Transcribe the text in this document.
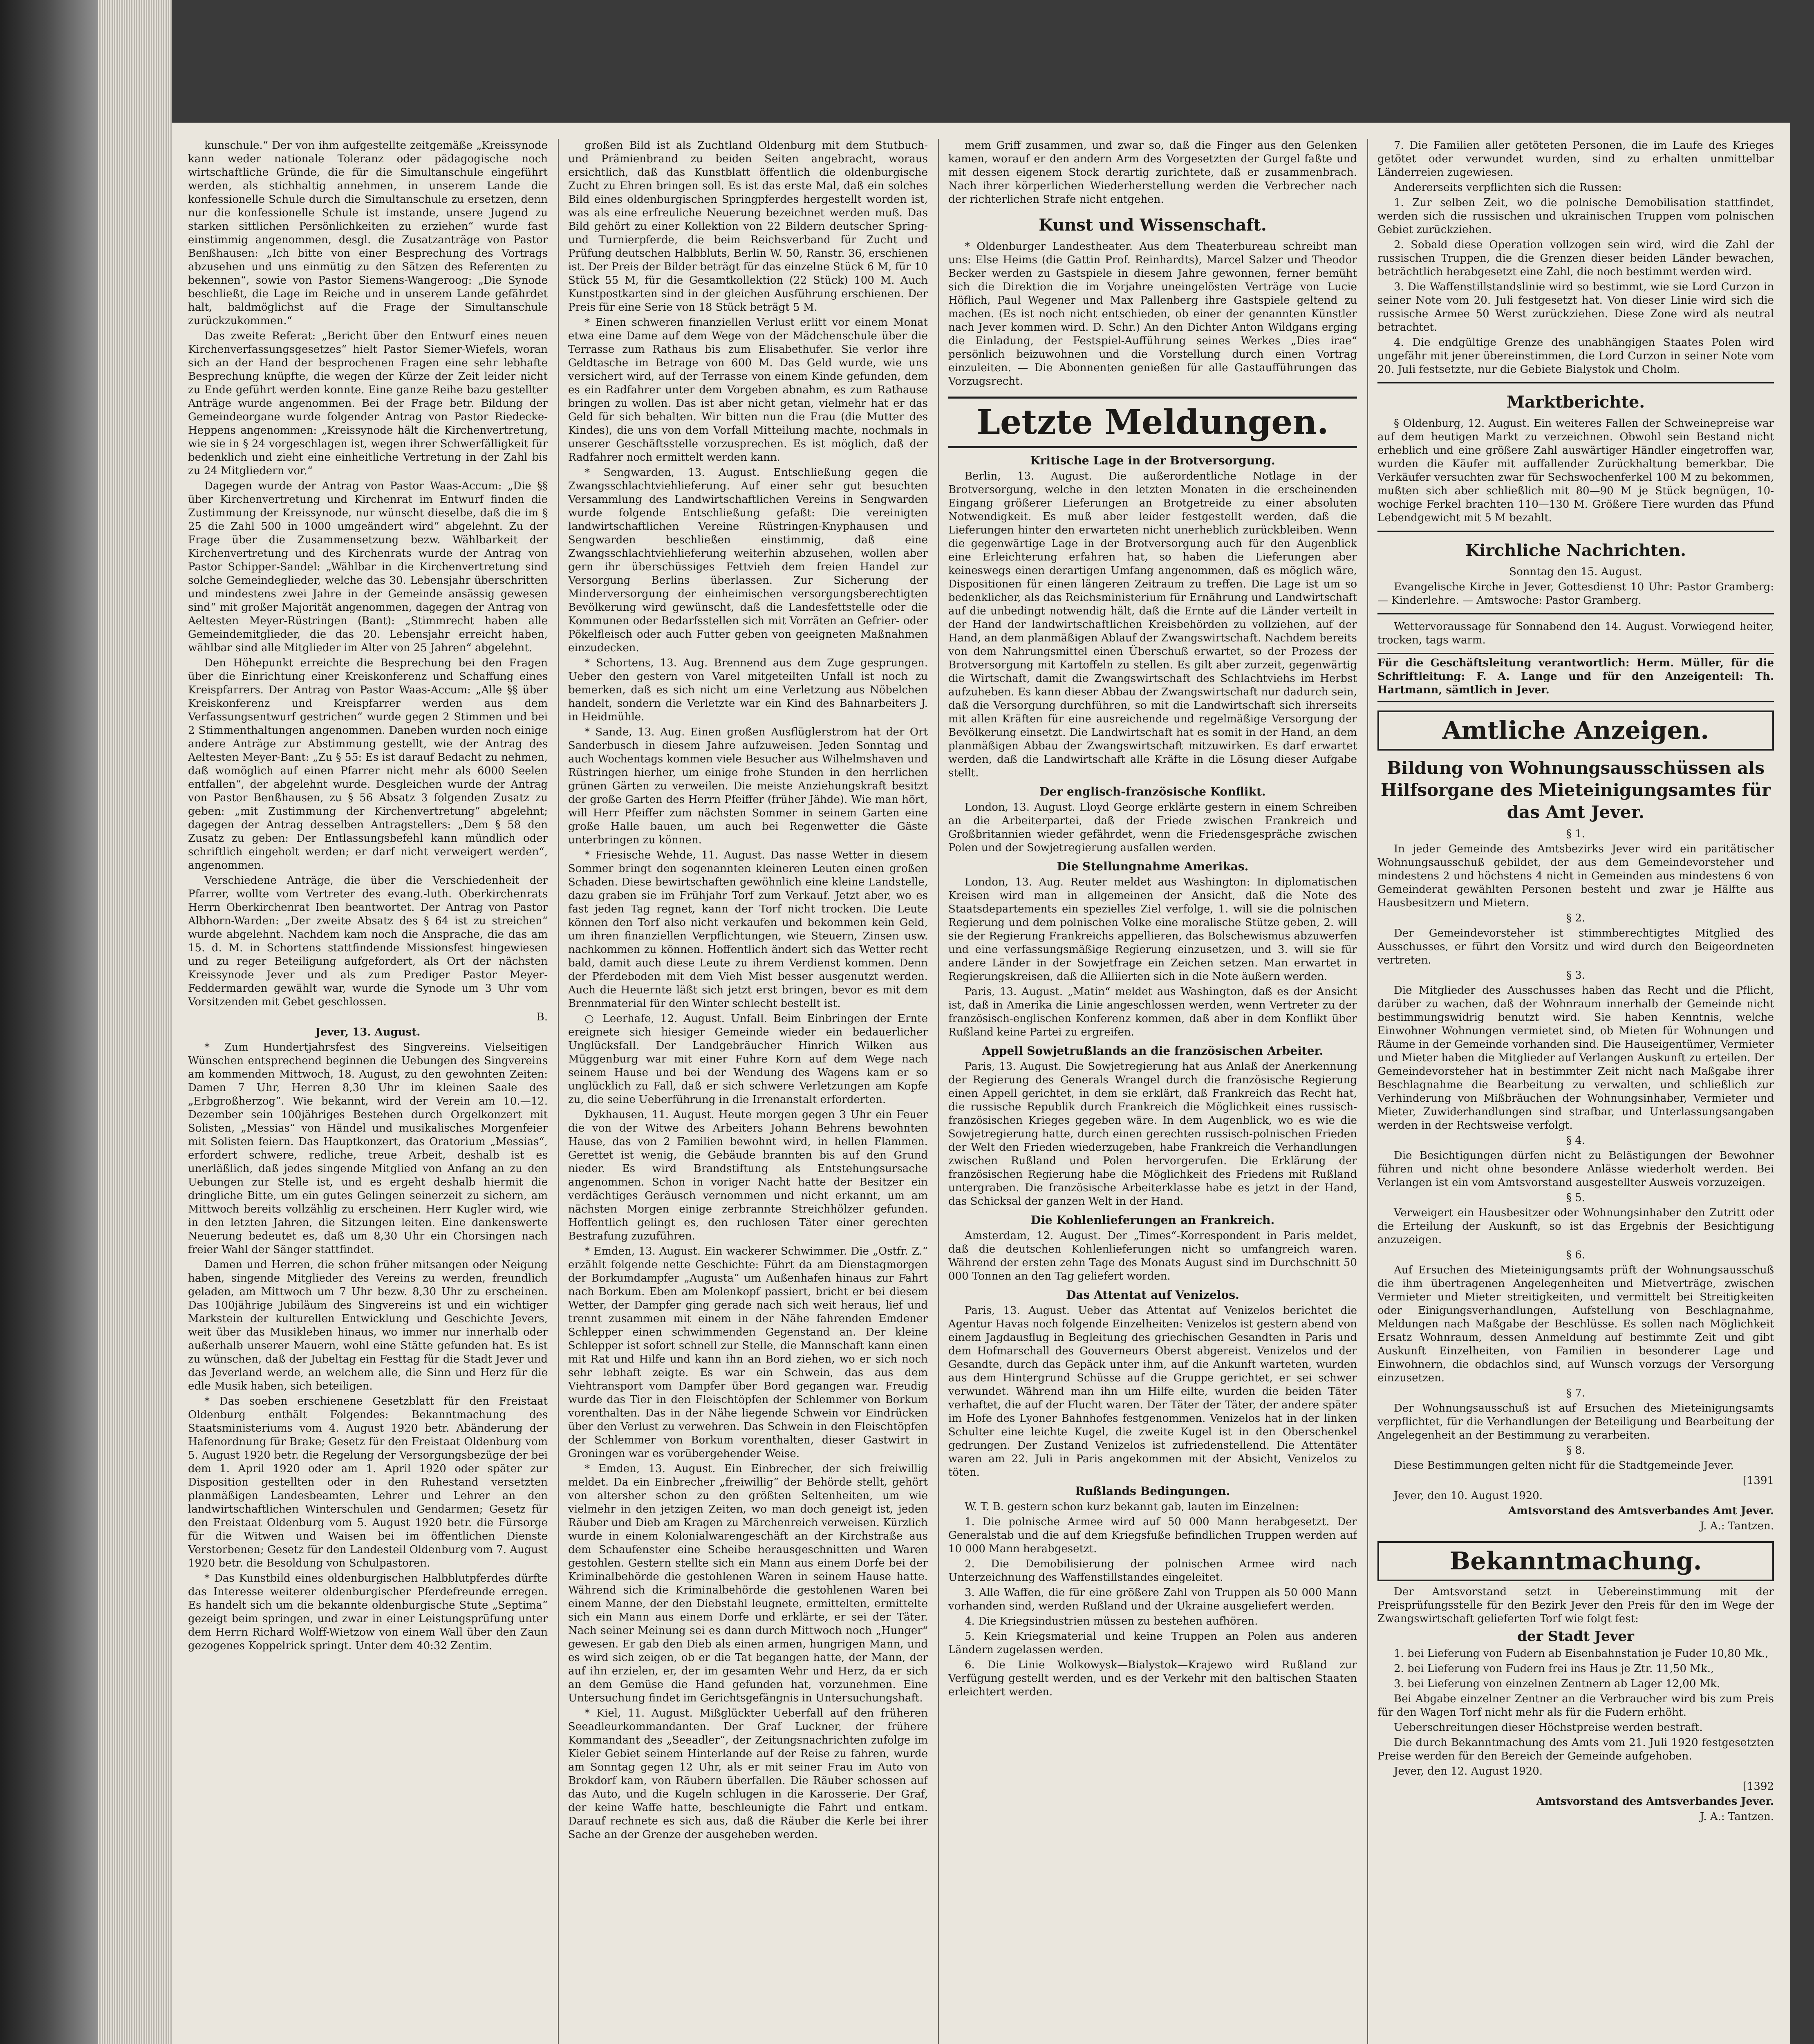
kunschule.“ Der von ihm aufgestellte zeitgemäße „Kreissynode kann weder nationale Toleranz oder pädagogische noch wirtschaftliche Gründe, die für die Simultanschule eingeführt werden, als stichhaltig annehmen, in unserem Lande die konfessionelle Schule durch die Simultanschule zu ersetzen, denn nur die konfessionelle Schule ist imstande, unsere Jugend zu starken sittlichen Persönlichkeiten zu erziehen“ wurde fast einstimmig angenommen, desgl. die Zusatzanträge von Pastor Benßhausen: „Ich bitte von einer Besprechung des Vortrags abzusehen und uns einmütig zu den Sätzen des Referenten zu bekennen“, sowie von Pastor Siemens-Wangeroog: „Die Synode beschließt, die Lage im Reiche und in unserem Lande gefährdet halt, baldmöglichst auf die Frage der Simultanschule zurückzukommen.“

Das zweite Referat: „Bericht über den Entwurf eines neuen Kirchenverfassungsgesetzes“ hielt Pastor Siemer-Wiefels, woran sich an der Hand der besprochenen Fragen eine sehr lebhafte Besprechung knüpfte, die wegen der Kürze der Zeit leider nicht zu Ende geführt werden konnte. Eine ganze Reihe bazu gestellter Anträge wurde angenommen. Bei der Frage betr. Bildung der Gemeindeorgane wurde folgender Antrag von Pastor Riedecke-Heppens angenommen: „Kreissynode hält die Kirchenvertretung, wie sie in § 24 vorgeschlagen ist, wegen ihrer Schwerfälligkeit für bedenklich und zieht eine einheitliche Vertretung in der Zahl bis zu 24 Mitgliedern vor.“

Dagegen wurde der Antrag von Pastor Waas-Accum: „Die §§ über Kirchenvertretung und Kirchenrat im Entwurf finden die Zustimmung der Kreissynode, nur wünscht dieselbe, daß die im § 25 die Zahl 500 in 1000 umgeändert wird“ abgelehnt. Zu der Frage über die Zusammensetzung bezw. Wählbarkeit der Kirchenvertretung und des Kirchenrats wurde der Antrag von Pastor Schipper-Sandel: „Wählbar in die Kirchenvertretung sind solche Gemeindeglieder, welche das 30. Lebensjahr überschritten und mindestens zwei Jahre in der Gemeinde ansässig gewesen sind“ mit großer Majorität angenommen, dagegen der Antrag von Aeltesten Meyer-Rüstringen (Bant): „Stimmrecht haben alle Gemeindemitglieder, die das 20. Lebensjahr erreicht haben, wählbar sind alle Mitglieder im Alter von 25 Jahren“ abgelehnt.

Den Höhepunkt erreichte die Besprechung bei den Fragen über die Einrichtung einer Kreiskonferenz und Schaffung eines Kreispfarrers. Der Antrag von Pastor Waas-Accum: „Alle §§ über Kreiskonferenz und Kreispfarrer werden aus dem Verfassungsentwurf gestrichen“ wurde gegen 2 Stimmen und bei 2 Stimmenthaltungen angenommen. Daneben wurden noch einige andere Anträge zur Abstimmung gestellt, wie der Antrag des Aeltesten Meyer-Bant: „Zu § 55: Es ist darauf Bedacht zu nehmen, daß womöglich auf einen Pfarrer nicht mehr als 6000 Seelen entfallen“, der abgelehnt wurde. Desgleichen wurde der Antrag von Pastor Benßhausen, zu § 56 Absatz 3 folgenden Zusatz zu geben: „mit Zustimmung der Kirchenvertretung“ abgelehnt; dagegen der Antrag desselben Antragstellers: „Dem § 58 den Zusatz zu geben: Der Entlassungsbefehl kann mündlich oder schriftlich eingeholt werden; er darf nicht verweigert werden“, angenommen.

Verschiedene Anträge, die über die Verschiedenheit der Pfarrer, wollte vom Vertreter des evang.-luth. Oberkirchenrats Herrn Oberkirchenrat Iben beantwortet. Der Antrag von Pastor Albhorn-Warden: „Der zweite Absatz des § 64 ist zu streichen“ wurde abgelehnt. Nachdem kam noch die Ansprache, die das am 15. d. M. in Schortens stattfindende Missionsfest hingewiesen und zu reger Beteiligung aufgefordert, als Ort der nächsten Kreissynode Jever und als zum Prediger Pastor Meyer-Feddermarden gewählt war, wurde die Synode um 3 Uhr vom Vorsitzenden mit Gebet geschlossen.

B.

Jever, 13. August.

* Zum Hundertjahrsfest des Singvereins. Vielseitigen Wünschen entsprechend beginnen die Uebungen des Singvereins am kommenden Mittwoch, 18. August, zu den gewohnten Zeiten: Damen 7 Uhr, Herren 8,30 Uhr im kleinen Saale des „Erbgroßherzog“. Wie bekannt, wird der Verein am 10.—12. Dezember sein 100jähriges Bestehen durch Orgelkonzert mit Solisten, „Messias“ von Händel und musikalisches Morgenfeier mit Solisten feiern. Das Hauptkonzert, das Oratorium „Messias“, erfordert schwere, redliche, treue Arbeit, deshalb ist es unerläßlich, daß jedes singende Mitglied von Anfang an zu den Uebungen zur Stelle ist, und es ergeht deshalb hiermit die dringliche Bitte, um ein gutes Gelingen seinerzeit zu sichern, am Mittwoch bereits vollzählig zu erscheinen. Herr Kugler wird, wie in den letzten Jahren, die Sitzungen leiten. Eine dankenswerte Neuerung bedeutet es, daß um 8,30 Uhr ein Chorsingen nach freier Wahl der Sänger stattfindet.

Damen und Herren, die schon früher mitsangen oder Neigung haben, singende Mitglieder des Vereins zu werden, freundlich geladen, am Mittwoch um 7 Uhr bezw. 8,30 Uhr zu erscheinen. Das 100jährige Jubiläum des Singvereins ist und ein wichtiger Markstein der kulturellen Entwicklung und Geschichte Jevers, weit über das Musikleben hinaus, wo immer nur innerhalb oder außerhalb unserer Mauern, wohl eine Stätte gefunden hat. Es ist zu wünschen, daß der Jubeltag ein Festtag für die Stadt Jever und das Jeverland werde, an welchem alle, die Sinn und Herz für die edle Musik haben, sich beteiligen.

* Das soeben erschienene Gesetzblatt für den Freistaat Oldenburg enthält Folgendes: Bekanntmachung des Staatsministeriums vom 4. August 1920 betr. Abänderung der Hafenordnung für Brake; Gesetz für den Freistaat Oldenburg vom 5. August 1920 betr. die Regelung der Versorgungsbezüge der bei dem 1. April 1920 oder am 1. April 1920 oder später zur Disposition gestellten oder in den Ruhestand versetzten planmäßigen Landesbeamten, Lehrer und Lehrer an den landwirtschaftlichen Winterschulen und Gendarmen; Gesetz für den Freistaat Oldenburg vom 5. August 1920 betr. die Fürsorge für die Witwen und Waisen bei im öffentlichen Dienste Verstorbenen; Gesetz für den Landesteil Oldenburg vom 7. August 1920 betr. die Besoldung von Schulpastoren.

* Das Kunstbild eines oldenburgischen Halbblutpferdes dürfte das Interesse weiterer oldenburgischer Pferdefreunde erregen. Es handelt sich um die bekannte oldenburgische Stute „Septima“ gezeigt beim springen, und zwar in einer Leistungsprüfung unter dem Herrn Richard Wolff-Wietzow von einem Wall über den Zaun gezogenes Koppelrick springt. Unter dem 40:32 Zentim.

großen Bild ist als Zuchtland Oldenburg mit dem Stutbuch- und Prämienbrand zu beiden Seiten angebracht, woraus ersichtlich, daß das Kunstblatt öffentlich die oldenburgische Zucht zu Ehren bringen soll. Es ist das erste Mal, daß ein solches Bild eines oldenburgischen Springpferdes hergestellt worden ist, was als eine erfreuliche Neuerung bezeichnet werden muß. Das Bild gehört zu einer Kollektion von 22 Bildern deutscher Spring- und Turnierpferde, die beim Reichsverband für Zucht und Prüfung deutschen Halbbluts, Berlin W. 50, Ranstr. 36, erschienen ist. Der Preis der Bilder beträgt für das einzelne Stück 6 M, für 10 Stück 55 M, für die Gesamtkollektion (22 Stück) 100 M. Auch Kunstpostkarten sind in der gleichen Ausführung erschienen. Der Preis für eine Serie von 18 Stück beträgt 5 M.

* Einen schweren finanziellen Verlust erlitt vor einem Monat etwa eine Dame auf dem Wege von der Mädchenschule über die Terrasse zum Rathaus bis zum Elisabethufer. Sie verlor ihre Geldtasche im Betrage von 600 M. Das Geld wurde, wie uns versichert wird, auf der Terrasse von einem Kinde gefunden, dem es ein Radfahrer unter dem Vorgeben abnahm, es zum Rathause bringen zu wollen. Das ist aber nicht getan, vielmehr hat er das Geld für sich behalten. Wir bitten nun die Frau (die Mutter des Kindes), die uns von dem Vorfall Mitteilung machte, nochmals in unserer Geschäftsstelle vorzusprechen. Es ist möglich, daß der Radfahrer noch ermittelt werden kann.

* Sengwarden, 13. August. Entschließung gegen die Zwangsschlachtviehlieferung. Auf einer sehr gut besuchten Versammlung des Landwirtschaftlichen Vereins in Sengwarden wurde folgende Entschließung gefaßt: Die vereinigten landwirtschaftlichen Vereine Rüstringen-Knyphausen und Sengwarden beschließen einstimmig, daß eine Zwangsschlachtviehlieferung weiterhin abzusehen, wollen aber gern ihr überschüssiges Fettvieh dem freien Handel zur Versorgung Berlins überlassen. Zur Sicherung der Minderversorgung der einheimischen versorgungsberechtigten Bevölkerung wird gewünscht, daß die Landesfettstelle oder die Kommunen oder Bedarfsstellen sich mit Vorräten an Gefrier- oder Pökelfleisch oder auch Futter geben von geeigneten Maßnahmen einzudecken.

* Schortens, 13. Aug. Brennend aus dem Zuge gesprungen. Ueber den gestern von Varel mitgeteilten Unfall ist noch zu bemerken, daß es sich nicht um eine Verletzung aus Nöbelchen handelt, sondern die Verletzte war ein Kind des Bahnarbeiters J. in Heidmühle.

* Sande, 13. Aug. Einen großen Ausflüglerstrom hat der Ort Sanderbusch in diesem Jahre aufzuweisen. Jeden Sonntag und auch Wochentags kommen viele Besucher aus Wilhelmshaven und Rüstringen hierher, um einige frohe Stunden in den herrlichen grünen Gärten zu verweilen. Die meiste Anziehungskraft besitzt der große Garten des Herrn Pfeiffer (früher Jähde). Wie man hört, will Herr Pfeiffer zum nächsten Sommer in seinem Garten eine große Halle bauen, um auch bei Regenwetter die Gäste unterbringen zu können.

* Friesische Wehde, 11. August. Das nasse Wetter in diesem Sommer bringt den sogenannten kleineren Leuten einen großen Schaden. Diese bewirtschaften gewöhnlich eine kleine Landstelle, dazu graben sie im Frühjahr Torf zum Verkauf. Jetzt aber, wo es fast jeden Tag regnet, kann der Torf nicht trocken. Die Leute können den Torf also nicht verkaufen und bekommen kein Geld, um ihren finanziellen Verpflichtungen, wie Steuern, Zinsen usw. nachkommen zu können. Hoffentlich ändert sich das Wetter recht bald, damit auch diese Leute zu ihrem Verdienst kommen. Denn der Pferdeboden mit dem Vieh Mist besser ausgenutzt werden. Auch die Heuernte läßt sich jetzt erst bringen, bevor es mit dem Brennmaterial für den Winter schlecht bestellt ist.

○ Leerhafe, 12. August. Unfall. Beim Einbringen der Ernte ereignete sich hiesiger Gemeinde wieder ein bedauerlicher Unglücksfall. Der Landgebräucher Hinrich Wilken aus Müggenburg war mit einer Fuhre Korn auf dem Wege nach seinem Hause und bei der Wendung des Wagens kam er so unglücklich zu Fall, daß er sich schwere Verletzungen am Kopfe zu, die seine Ueberführung in die Irrenanstalt erforderten.

Dykhausen, 11. August. Heute morgen gegen 3 Uhr ein Feuer die von der Witwe des Arbeiters Johann Behrens bewohnten Hause, das von 2 Familien bewohnt wird, in hellen Flammen. Gerettet ist wenig, die Gebäude brannten bis auf den Grund nieder. Es wird Brandstiftung als Entstehungsursache angenommen. Schon in voriger Nacht hatte der Besitzer ein verdächtiges Geräusch vernommen und nicht erkannt, um am nächsten Morgen einige zerbrannte Streichhölzer gefunden. Hoffentlich gelingt es, den ruchlosen Täter einer gerechten Bestrafung zuzuführen.

* Emden, 13. August. Ein wackerer Schwimmer. Die „Ostfr. Z.“ erzählt folgende nette Geschichte: Führt da am Dienstagmorgen der Borkumdampfer „Augusta“ um Außenhafen hinaus zur Fahrt nach Borkum. Eben am Molenkopf passiert, bricht er bei diesem Wetter, der Dampfer ging gerade nach sich weit heraus, lief und trennt zusammen mit einem in der Nähe fahrenden Emdener Schlepper einen schwimmenden Gegenstand an. Der kleine Schlepper ist sofort schnell zur Stelle, die Mannschaft kann einen mit Rat und Hilfe und kann ihn an Bord ziehen, wo er sich noch sehr lebhaft zeigte. Es war ein Schwein, das aus dem Viehtransport vom Dampfer über Bord gegangen war. Freudig wurde das Tier in den Fleischtöpfen der Schlemmer von Borkum vorenthalten. Das in der Nähe liegende Schwein vor Eindrücken über den Verlust zu verwehren. Das Schwein in den Fleischtöpfen der Schlemmer von Borkum vorenthalten, dieser Gastwirt in Groningen war es vorübergehender Weise.

* Emden, 13. August. Ein Einbrecher, der sich freiwillig meldet. Da ein Einbrecher „freiwillig“ der Behörde stellt, gehört von altersher schon zu den größten Seltenheiten, um wie vielmehr in den jetzigen Zeiten, wo man doch geneigt ist, jeden Räuber und Dieb am Kragen zu Märchenreich verweisen. Kürzlich wurde in einem Kolonialwarengeschäft an der Kirchstraße aus dem Schaufenster eine Scheibe herausgeschnitten und Waren gestohlen. Gestern stellte sich ein Mann aus einem Dorfe bei der Kriminalbehörde die gestohlenen Waren in seinem Hause hatte. Während sich die Kriminalbehörde die gestohlenen Waren bei einem Manne, der den Diebstahl leugnete, ermittelten, ermittelte sich ein Mann aus einem Dorfe und erklärte, er sei der Täter. Nach seiner Meinung sei es dann durch Mittwoch noch „Hunger“ gewesen. Er gab den Dieb als einen armen, hungrigen Mann, und es wird sich zeigen, ob er die Tat begangen hatte, der Mann, der auf ihn erzielen, er, der im gesamten Wehr und Herz, da er sich an dem Gemüse die Hand gefunden hat, vorzunehmen. Eine Untersuchung findet im Gerichtsgefängnis in Untersuchungshaft.

* Kiel, 11. August. Mißglückter Ueberfall auf den früheren Seeadleurkommandanten. Der Graf Luckner, der frühere Kommandant des „Seeadler“, der Zeitungsnachrichten zufolge im Kieler Gebiet seinem Hinterlande auf der Reise zu fahren, wurde am Sonntag gegen 12 Uhr, als er mit seiner Frau im Auto von Brokdorf kam, von Räubern überfallen. Die Räuber schossen auf das Auto, und die Kugeln schlugen in die Karosserie. Der Graf, der keine Waffe hatte, beschleunigte die Fahrt und entkam. Darauf rechnete es sich aus, daß die Räuber die Kerle bei ihrer Sache an der Grenze der ausgeheben werden.

mem Griff zusammen, und zwar so, daß die Finger aus den Gelenken kamen, worauf er den andern Arm des Vorgesetzten der Gurgel faßte und mit dessen eigenem Stock derartig zurichtete, daß er zusammenbrach. Nach ihrer körperlichen Wiederherstellung werden die Verbrecher nach der richterlichen Strafe nicht entgehen.

Kunst und Wissenschaft.

* Oldenburger Landestheater. Aus dem Theaterbureau schreibt man uns: Else Heims (die Gattin Prof. Reinhardts), Marcel Salzer und Theodor Becker werden zu Gastspiele in diesem Jahre gewonnen, ferner bemüht sich die Direktion die im Vorjahre uneingelösten Verträge von Lucie Höflich, Paul Wegener und Max Pallenberg ihre Gastspiele geltend zu machen. (Es ist noch nicht entschieden, ob einer der genannten Künstler nach Jever kommen wird. D. Schr.) An den Dichter Anton Wildgans erging die Einladung, der Festspiel-Aufführung seines Werkes „Dies irae“ persönlich beizuwohnen und die Vorstellung durch einen Vortrag einzuleiten. — Die Abonnenten genießen für alle Gastaufführungen das Vorzugsrecht.

Letzte Meldungen.
Kritische Lage in der Brotversorgung.

Berlin, 13. August. Die außerordentliche Notlage in der Brotversorgung, welche in den letzten Monaten in die erscheinenden Eingang größerer Lieferungen an Brotgetreide zu einer absoluten Notwendigkeit. Es muß aber leider festgestellt werden, daß die Lieferungen hinter den erwarteten nicht unerheblich zurückbleiben. Wenn die gegenwärtige Lage in der Brotversorgung auch für den Augenblick eine Erleichterung erfahren hat, so haben die Lieferungen aber keineswegs einen derartigen Umfang angenommen, daß es möglich wäre, Dispositionen für einen längeren Zeitraum zu treffen. Die Lage ist um so bedenklicher, als das Reichsministerium für Ernährung und Landwirtschaft auf die unbedingt notwendig hält, daß die Ernte auf die Länder verteilt in der Hand der landwirtschaftlichen Kreisbehörden zu vollziehen, auf der Hand, an dem planmäßigen Ablauf der Zwangswirtschaft. Nachdem bereits von dem Nahrungsmittel einen Überschuß erwartet, so der Prozess der Brotversorgung mit Kartoffeln zu stellen. Es gilt aber zurzeit, gegenwärtig die Wirtschaft, damit die Zwangswirtschaft des Schlachtviehs im Herbst aufzuheben. Es kann dieser Abbau der Zwangswirtschaft nur dadurch sein, daß die Versorgung durchführen, so mit die Landwirtschaft sich ihrerseits mit allen Kräften für eine ausreichende und regelmäßige Versorgung der Bevölkerung einsetzt. Die Landwirtschaft hat es somit in der Hand, an dem planmäßigen Abbau der Zwangswirtschaft mitzuwirken. Es darf erwartet werden, daß die Landwirtschaft alle Kräfte in die Lösung dieser Aufgabe stellt.

Der englisch-französische Konflikt.

London, 13. August. Lloyd George erklärte gestern in einem Schreiben an die Arbeiterpartei, daß der Friede zwischen Frankreich und Großbritannien wieder gefährdet, wenn die Friedensgespräche zwischen Polen und der Sowjetregierung ausfallen werden.

Die Stellungnahme Amerikas.

London, 13. Aug. Reuter meldet aus Washington: In diplomatischen Kreisen wird man in allgemeinen der Ansicht, daß die Note des Staatsdepartements ein spezielles Ziel verfolge, 1. will sie die polnischen Regierung und dem polnischen Volke eine moralische Stütze geben, 2. will sie der Regierung Frankreichs appellieren, das Bolschewismus abzuwerfen und eine verfassungsmäßige Regierung einzusetzen, und 3. will sie für andere Länder in der Sowjetfrage ein Zeichen setzen. Man erwartet in Regierungskreisen, daß die Alliierten sich in die Note äußern werden.

Paris, 13. August. „Matin“ meldet aus Washington, daß es der Ansicht ist, daß in Amerika die Linie angeschlossen werden, wenn Vertreter zu der französisch-englischen Konferenz kommen, daß aber in dem Konflikt über Rußland keine Partei zu ergreifen.

Appell Sowjetrußlands an die französischen Arbeiter.

Paris, 13. August. Die Sowjetregierung hat aus Anlaß der Anerkennung der Regierung des Generals Wrangel durch die französische Regierung einen Appell gerichtet, in dem sie erklärt, daß Frankreich das Recht hat, die russische Republik durch Frankreich die Möglichkeit eines russisch-französischen Krieges gegeben wäre. In dem Augenblick, wo es wie die Sowjetregierung hatte, durch einen gerechten russisch-polnischen Frieden der Welt den Frieden wiederzugeben, habe Frankreich die Verhandlungen zwischen Rußland und Polen hervorgerufen. Die Erklärung der französischen Regierung habe die Möglichkeit des Friedens mit Rußland untergraben. Die französische Arbeiterklasse habe es jetzt in der Hand, das Schicksal der ganzen Welt in der Hand.

Die Kohlenlieferungen an Frankreich.

Amsterdam, 12. August. Der „Times“-Korrespondent in Paris meldet, daß die deutschen Kohlenlieferungen nicht so umfangreich waren. Während der ersten zehn Tage des Monats August sind im Durchschnitt 50 000 Tonnen an den Tag geliefert worden.

Das Attentat auf Venizelos.

Paris, 13. August. Ueber das Attentat auf Venizelos berichtet die Agentur Havas noch folgende Einzelheiten: Venizelos ist gestern abend von einem Jagdausflug in Begleitung des griechischen Gesandten in Paris und dem Hofmarschall des Gouverneurs Oberst abgereist. Venizelos und der Gesandte, durch das Gepäck unter ihm, auf die Ankunft warteten, wurden aus dem Hintergrund Schüsse auf die Gruppe gerichtet, er sei schwer verwundet. Während man ihn um Hilfe eilte, wurden die beiden Täter verhaftet, die auf der Flucht waren. Der Täter der Täter, der andere später im Hofe des Lyoner Bahnhofes festgenommen. Venizelos hat in der linken Schulter eine leichte Kugel, die zweite Kugel ist in den Oberschenkel gedrungen. Der Zustand Venizelos ist zufriedenstellend. Die Attentäter waren am 22. Juli in Paris angekommen mit der Absicht, Venizelos zu töten.

Rußlands Bedingungen.

W. T. B. gestern schon kurz bekannt gab, lauten im Einzelnen:

1. Die polnische Armee wird auf 50 000 Mann herabgesetzt. Der Generalstab und die auf dem Kriegsfuße befindlichen Truppen werden auf 10 000 Mann herabgesetzt.

2. Die Demobilisierung der polnischen Armee wird nach Unterzeichnung des Waffenstillstandes eingeleitet.

3. Alle Waffen, die für eine größere Zahl von Truppen als 50 000 Mann vorhanden sind, werden Rußland und der Ukraine ausgeliefert werden.

4. Die Kriegsindustrien müssen zu bestehen aufhören.

5. Kein Kriegsmaterial und keine Truppen an Polen aus anderen Ländern zugelassen werden.

6. Die Linie Wolkowysk—Bialystok—Krajewo wird Rußland zur Verfügung gestellt werden, und es der Verkehr mit den baltischen Staaten erleichtert werden.

7. Die Familien aller getöteten Personen, die im Laufe des Krieges getötet oder verwundet wurden, sind zu erhalten unmittelbar Länderreien zugewiesen.

Andererseits verpflichten sich die Russen:

1. Zur selben Zeit, wo die polnische Demobilisation stattfindet, werden sich die russischen und ukrainischen Truppen vom polnischen Gebiet zurückziehen.

2. Sobald diese Operation vollzogen sein wird, wird die Zahl der russischen Truppen, die die Grenzen dieser beiden Länder bewachen, beträchtlich herabgesetzt eine Zahl, die noch bestimmt werden wird.

3. Die Waffenstillstandslinie wird so bestimmt, wie sie Lord Curzon in seiner Note vom 20. Juli festgesetzt hat. Von dieser Linie wird sich die russische Armee 50 Werst zurückziehen. Diese Zone wird als neutral betrachtet.

4. Die endgültige Grenze des unabhängigen Staates Polen wird ungefähr mit jener übereinstimmen, die Lord Curzon in seiner Note vom 20. Juli festsetzte, nur die Gebiete Bialystok und Cholm.

Marktberichte.

§ Oldenburg, 12. August. Ein weiteres Fallen der Schweinepreise war auf dem heutigen Markt zu verzeichnen. Obwohl sein Bestand nicht erheblich und eine größere Zahl auswärtiger Händler eingetroffen war, wurden die Käufer mit auffallender Zurückhaltung bemerkbar. Die Verkäufer versuchten zwar für Sechswochenferkel 100 M zu bekommen, mußten sich aber schließlich mit 80—90 M je Stück begnügen, 10-wochige Ferkel brachten 110—130 M. Größere Tiere wurden das Pfund Lebendgewicht mit 5 M bezahlt.

Kirchliche Nachrichten.

Sonntag den 15. August.

Evangelische Kirche in Jever, Gottesdienst 10 Uhr: Pastor Gramberg: — Kinderlehre. — Amtswoche: Pastor Gramberg.

Wettervoraussage für Sonnabend den 14. August. Vorwiegend heiter, trocken, tags warm.

Für die Geschäftsleitung verantwortlich: Herm. Müller, für die Schriftleitung: F. A. Lange und für den Anzeigenteil: Th. Hartmann, sämtlich in Jever.

Amtliche Anzeigen.
Bildung von Wohnungsausschüssen als Hilfsorgane des Mieteinigungsamtes für das Amt Jever.

§ 1.

In jeder Gemeinde des Amtsbezirks Jever wird ein paritätischer Wohnungsausschuß gebildet, der aus dem Gemeindevorsteher und mindestens 2 und höchstens 4 nicht in Gemeinden aus mindestens 6 von Gemeinderat gewählten Personen besteht und zwar je Hälfte aus Hausbesitzern und Mietern.

§ 2.

Der Gemeindevorsteher ist stimmberechtigtes Mitglied des Ausschusses, er führt den Vorsitz und wird durch den Beigeordneten vertreten.

§ 3.

Die Mitglieder des Ausschusses haben das Recht und die Pflicht, darüber zu wachen, daß der Wohnraum innerhalb der Gemeinde nicht bestimmungswidrig benutzt wird. Sie haben Kenntnis, welche Einwohner Wohnungen vermietet sind, ob Mieten für Wohnungen und Räume in der Gemeinde vorhanden sind. Die Hauseigentümer, Vermieter und Mieter haben die Mitglieder auf Verlangen Auskunft zu erteilen. Der Gemeindevorsteher hat in bestimmter Zeit nicht nach Maßgabe ihrer Beschlagnahme die Bearbeitung zu verwalten, und schließlich zur Verhinderung von Mißbräuchen der Wohnungsinhaber, Vermieter und Mieter, Zuwiderhandlungen sind strafbar, und Unterlassungsangaben werden in der Rechtsweise verfolgt.

§ 4.

Die Besichtigungen dürfen nicht zu Belästigungen der Bewohner führen und nicht ohne besondere Anlässe wiederholt werden. Bei Verlangen ist ein vom Amtsvorstand ausgestellter Ausweis vorzuzeigen.

§ 5.

Verweigert ein Hausbesitzer oder Wohnungsinhaber den Zutritt oder die Erteilung der Auskunft, so ist das Ergebnis der Besichtigung anzuzeigen.

§ 6.

Auf Ersuchen des Mieteinigungsamts prüft der Wohnungsausschuß die ihm übertragenen Angelegenheiten und Mietverträge, zwischen Vermieter und Mieter streitigkeiten, und vermittelt bei Streitigkeiten oder Einigungsverhandlungen, Aufstellung von Beschlagnahme, Meldungen nach Maßgabe der Beschlüsse. Es sollen nach Möglichkeit Ersatz Wohnraum, dessen Anmeldung auf bestimmte Zeit und gibt Auskunft Einzelheiten, von Familien in besonderer Lage und Einwohnern, die obdachlos sind, auf Wunsch vorzugs der Versorgung einzusetzen.

§ 7.

Der Wohnungsausschuß ist auf Ersuchen des Mieteinigungsamts verpflichtet, für die Verhandlungen der Beteiligung und Bearbeitung der Angelegenheit an der Bestimmung zu verarbeiten.

§ 8.

Diese Bestimmungen gelten nicht für die Stadtgemeinde Jever.

[1391

Jever, den 10. August 1920.

Amtsvorstand des Amtsverbandes Amt Jever.

J. A.: Tantzen.

Bekanntmachung.

Der Amtsvorstand setzt in Uebereinstimmung mit der Preisprüfungsstelle für den Bezirk Jever den Preis für den im Wege der Zwangswirtschaft gelieferten Torf wie folgt fest:

der Stadt Jever

1. bei Lieferung von Fudern ab Eisenbahnstation je Fuder 10,80 Mk.,

2. bei Lieferung von Fudern frei ins Haus je Ztr. 11,50 Mk.,

3. bei Lieferung von einzelnen Zentnern ab Lager 12,00 Mk.

Bei Abgabe einzelner Zentner an die Verbraucher wird bis zum Preis für den Wagen Torf nicht mehr als für die Fudern erhöht.

Ueberschreitungen dieser Höchstpreise werden bestraft.

Die durch Bekanntmachung des Amts vom 21. Juli 1920 festgesetzten Preise werden für den Bereich der Gemeinde aufgehoben.

Jever, den 12. August 1920.

[1392

Amtsvorstand des Amtsverbandes Jever.

J. A.: Tantzen.
